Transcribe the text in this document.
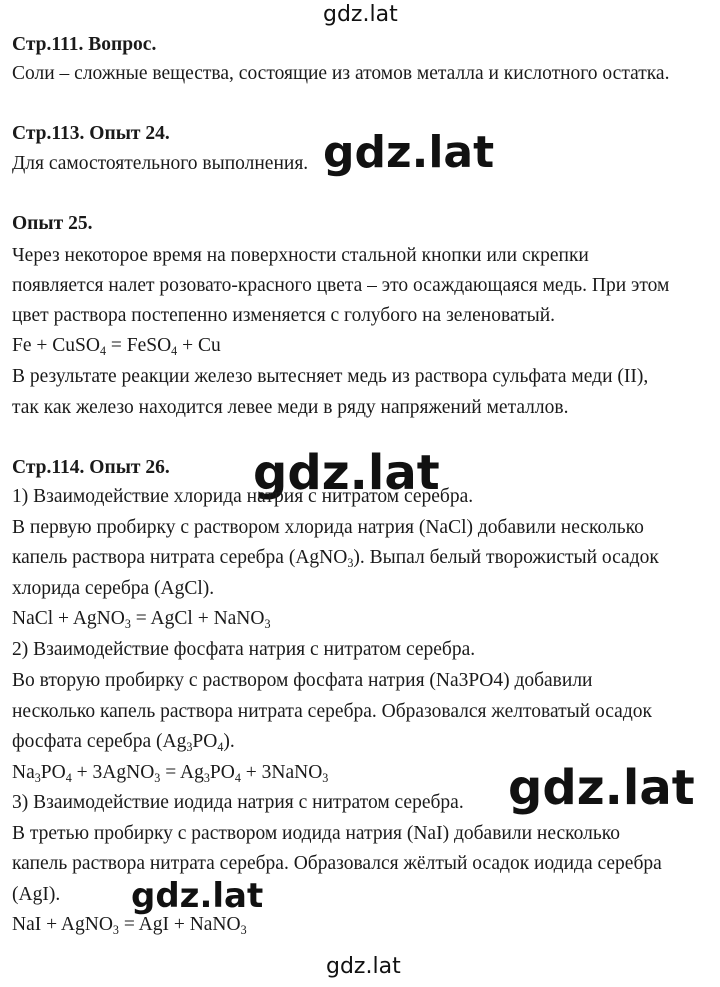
gdz.lat
gdz.lat
gdz.lat
gdz.lat
gdz.lat
gdz.lat
Стр.111. Вопрос.
Соли – сложные вещества, состоящие из атомов металла и кислотного остатка.
Стр.113. Опыт 24.
Для самостоятельного выполнения.
Опыт 25.
Через некоторое время на поверхности стальной кнопки или скрепки
появляется налет розовато-красного цвета – это осаждающаяся медь. При этом
цвет раствора постепенно изменяется с голубого на зеленоватый.
Fe + CuSO$_4$ = FeSO$_4$ + Cu
В результате реакции железо вытесняет медь из раствора сульфата меди (II),
так как железо находится левее меди в ряду напряжений металлов.
Стр.114. Опыт 26.
1) Взаимодействие хлорида натрия с нитратом серебра.
В первую пробирку с раствором хлорида натрия (NaCl) добавили несколько
капель раствора нитрата серебра (AgNO$_3$). Выпал белый творожистый осадок
хлорида серебра (AgCl).
NaCl + AgNO$_3$ = AgCl + NaNO$_3$
2) Взаимодействие фосфата натрия с нитратом серебра.
Во вторую пробирку с раствором фосфата натрия (Na3PO4) добавили
несколько капель раствора нитрата серебра. Образовался желтоватый осадок
фосфата серебра $(Ag_3PO_4)$.
$Na_3PO_4$ + 3AgNO$_3$ = $Ag_3PO_4$ + 3NaNO$_3$
3) Взаимодействие иодида натрия с нитратом серебра.
В третью пробирку с раствором иодида натрия (NaI) добавили несколько
капель раствора нитрата серебра. Образовался жёлтый осадок иодида серебра
(AgI).
NaI + AgNO$_3$ = AgI + NaNO$_3$
